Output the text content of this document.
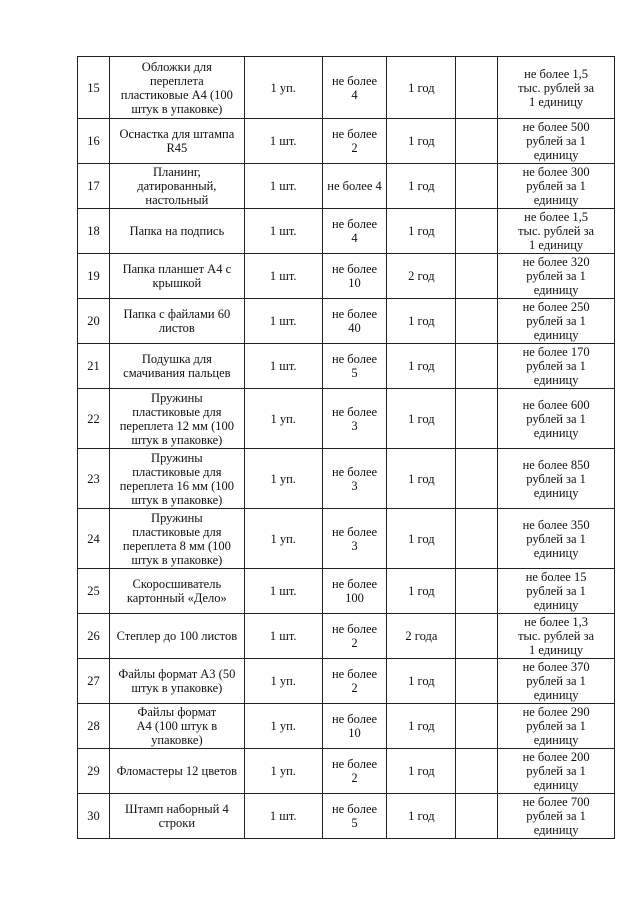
15	Обложки для
переплета
пластиковые А4 (100
штук в упаковке)	1 уп.	не более
4	1 год		не более 1,5
тыс. рублей за
1 единицу

16	Оснастка для штампа
R45	1 шт.	не более
2	1 год		не более 500
рублей за 1
единицу

17	Планинг,
датированный,
настольный	1 шт.	не более 4	1 год		не более 300
рублей за 1
единицу

18	Папка на подпись	1 шт.	не более
4	1 год		не более 1,5
тыс. рублей за
1 единицу

19	Папка планшет А4 с
крышкой	1 шт.	не более
10	2 год		не более 320
рублей за 1
единицу

20	Папка с файлами 60
листов	1 шт.	не более
40	1 год		не более 250
рублей за 1
единицу

21	Подушка для
смачивания пальцев	1 шт.	не более
5	1 год		не более 170
рублей за 1
единицу

22	Пружины
пластиковые для
переплета 12 мм (100
штук в упаковке)	1 уп.	не более
3	1 год		не более 600
рублей за 1
единицу

23	Пружины
пластиковые для
переплета 16 мм (100
штук в упаковке)	1 уп.	не более
3	1 год		не более 850
рублей за 1
единицу

24	Пружины
пластиковые для
переплета 8 мм (100
штук в упаковке)	1 уп.	не более
3	1 год		не более 350
рублей за 1
единицу

25	Скоросшиватель
картонный «Дело»	1 шт.	не более
100	1 год		не более 15
рублей за 1
единицу

26	Степлер до 100 листов	1 шт.	не более
2	2 года		не более 1,3
тыс. рублей за
1 единицу

27	Файлы формат А3 (50
штук в упаковке)	1 уп.	не более
2	1 год		не более 370
рублей за 1
единицу

28	Файлы формат
А4 (100 штук в
упаковке)	1 уп.	не более
10	1 год		не более 290
рублей за 1
единицу

29	Фломастеры 12 цветов	1 уп.	не более
2	1 год		не более 200
рублей за 1
единицу

30	Штамп наборный 4
строки	1 шт.	не более
5	1 год		не более 700
рублей за 1
единицу
